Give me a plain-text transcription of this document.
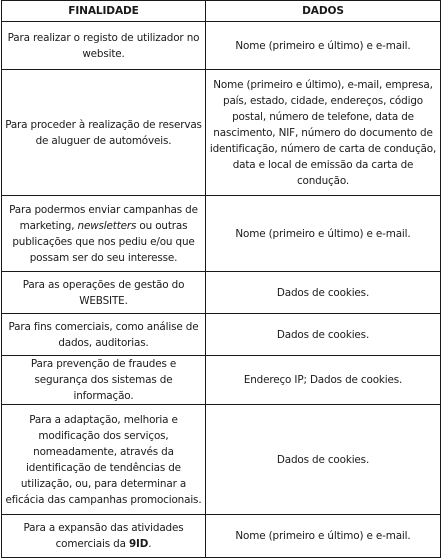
FINALIDADE	DADOS
Para realizar o registo de utilizador no website.	Nome (primeiro e último) e e-mail.
Para proceder à realização de reservas de aluguer de automóveis.	Nome (primeiro e último), e-mail, empresa, país, estado, cidade, endereços, código postal, número de telefone, data de nascimento, NIF, número do documento de identificação, número de carta de condução, data e local de emissão da carta de condução.
Para podermos enviar campanhas de marketing, newsletters ou outras publicações que nos pediu e/ou que possam ser do seu interesse.	Nome (primeiro e último) e e-mail.
Para as operações de gestão do WEBSITE.	Dados de cookies.
Para fins comerciais, como análise de dados, auditorias.	Dados de cookies.
Para prevenção de fraudes e segurança dos sistemas de informação.	Endereço IP; Dados de cookies.
Para a adaptação, melhoria e modificação dos serviços, nomeadamente, através da identificação de tendências de utilização, ou, para determinar a eficácia das campanhas promocionais.	Dados de cookies.
Para a expansão das atividades comerciais da 9ID.	Nome (primeiro e último) e e-mail.
